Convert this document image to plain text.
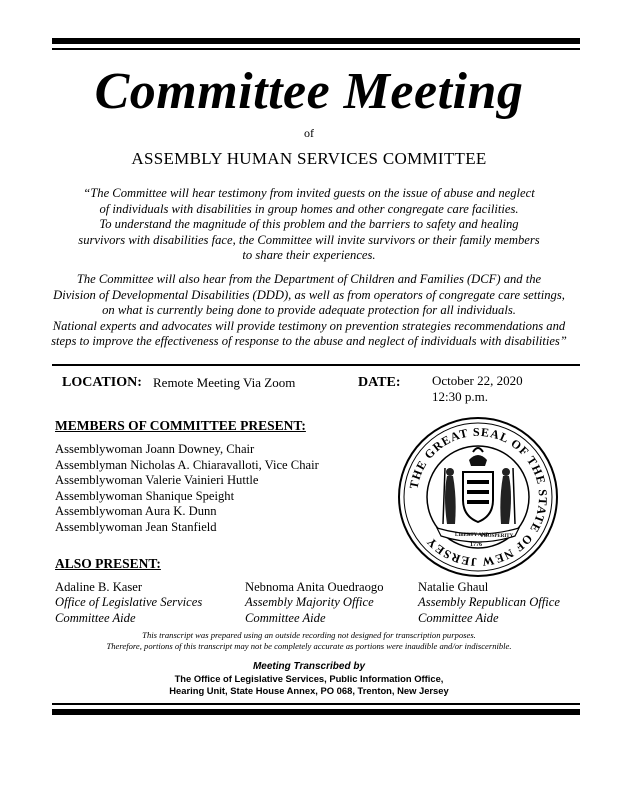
Committee Meeting
of
ASSEMBLY HUMAN SERVICES COMMITTEE

“The Committee will hear testimony from invited guests on the issue of abuse and neglect
of individuals with disabilities in group homes and other congregate care facilities.
To understand the magnitude of this problem and the barriers to safety and healing
survivors with disabilities face, the Committee will invite survivors or their family members
to share their experiences.

The Committee will also hear from the Department of Children and Families (DCF) and the
Division of Developmental Disabilities (DDD), as well as from operators of congregate care settings,
on what is currently being done to provide adequate protection for all individuals.
National experts and advocates will provide testimony on prevention strategies recommendations and
steps to improve the effectiveness of response to the abuse and neglect of individuals with disabilities”

LOCATION: Remote Meeting Via Zoom	DATE: October 22, 2020
12:30 p.m.
MEMBERS OF COMMITTEE PRESENT:
Assemblywoman Joann Downey, Chair
Assemblyman Nicholas A. Chiaravalloti, Vice Chair
Assemblywoman Valerie Vainieri Huttle
Assemblywoman Shanique Speight
Assemblywoman Aura K. Dunn
Assemblywoman Jean Stanfield
THE GREAT SEAL OF THE STATE OF NEW JERSEY	LIBERTY AND
PROSPERITY
1776
ALSO PRESENT:
Adaline B. Kaser
Office of Legislative Services
Committee Aide
Nebnoma Anita Ouedraogo
Assembly Majority Office
Committee Aide
Natalie Ghaul
Assembly Republican Office
Committee Aide
This transcript was prepared using an outside recording not designed for transcription purposes.
Therefore, portions of this transcript may not be completely accurate as portions were inaudible and/or indiscernible.
Meeting Transcribed by
The Office of Legislative Services, Public Information Office,
Hearing Unit, State House Annex, PO 068, Trenton, New Jersey
